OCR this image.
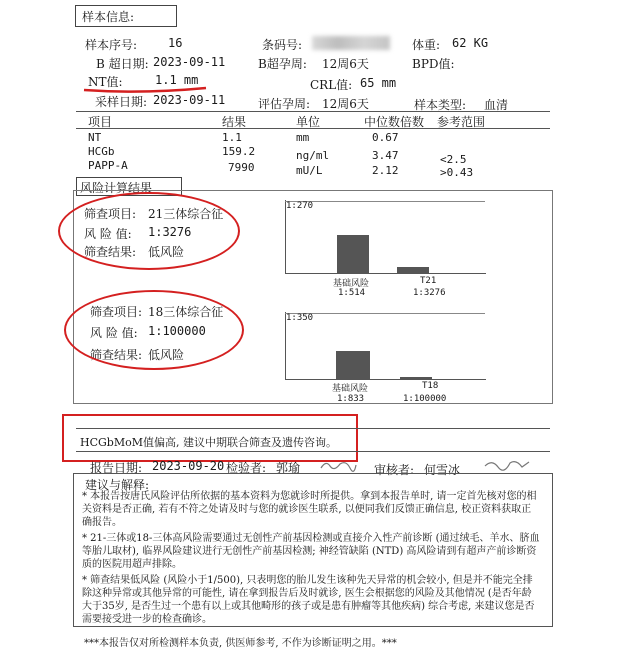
样本信息:
样本序号:	16	条码号:	体重: 62 KG
B 超日期: 2023-09-11	B超孕周: 12周6天	BPD值:
NT值:	1.1 mm	CRL值: 65 mm
采样日期: 2023-09-11	评估孕周: 12周6天	样本类型: 血清
项目	结果	单位	中位数倍数 参考范围
NT	1.1	mm	0.67
HCGb	159.2	ng/ml	3.47	<2.5
PAPP-A	7990	mU/L	2.12	>0.43
风险计算结果
筛查项目: 21三体综合征
风 险 值: 1:3276
筛查结果: 低风险
1:270
基础风险
1:514
T21
1:3276
筛查项目: 18三体综合征
风 险 值: 1:100000
筛查结果: 低风险
1:350
基础风险
1:833
T18
1:100000
HCGbMoM值偏高, 建议中期联合筛查及遗传咨询。
报告日期: 2023-09-20 检验者: 郭瑜	审核者: 何雪冰
建议与解释:
* 本报告按唐氏风险评估所依据的基本资料为您就诊时所提供。拿到本报告单时, 请一定首先核对您的相关资料是否正确, 若有不符之处请及时与您的就诊医生联系, 以便同我们反馈正确信息, 校正资料获取正确报告。
* 21-三体或18-三体高风险需要通过无创性产前基因检测或直接介入性产前诊断 (通过绒毛、羊水、脐血等胎儿取材), 临界风险建议进行无创性产前基因检测; 神经管缺陷 (NTD) 高风险请到有超声产前诊断资质的医院用超声排除。
* 筛查结果低风险 (风险小于1/500), 只表明您的胎儿发生该种先天异常的机会较小, 但是并不能完全排除这种异常或其他异常的可能性, 请在拿到报告后及时就诊, 医生会根据您的风险及其他情况 (是否年龄大于35岁, 是否生过一个患有以上或其他畸形的孩子或是患有肿瘤等其他疾病) 综合考虑, 来建议您是否需要接受进一步的检查确诊。
***本报告仅对所检测样本负责, 供医师参考, 不作为诊断证明之用。***
